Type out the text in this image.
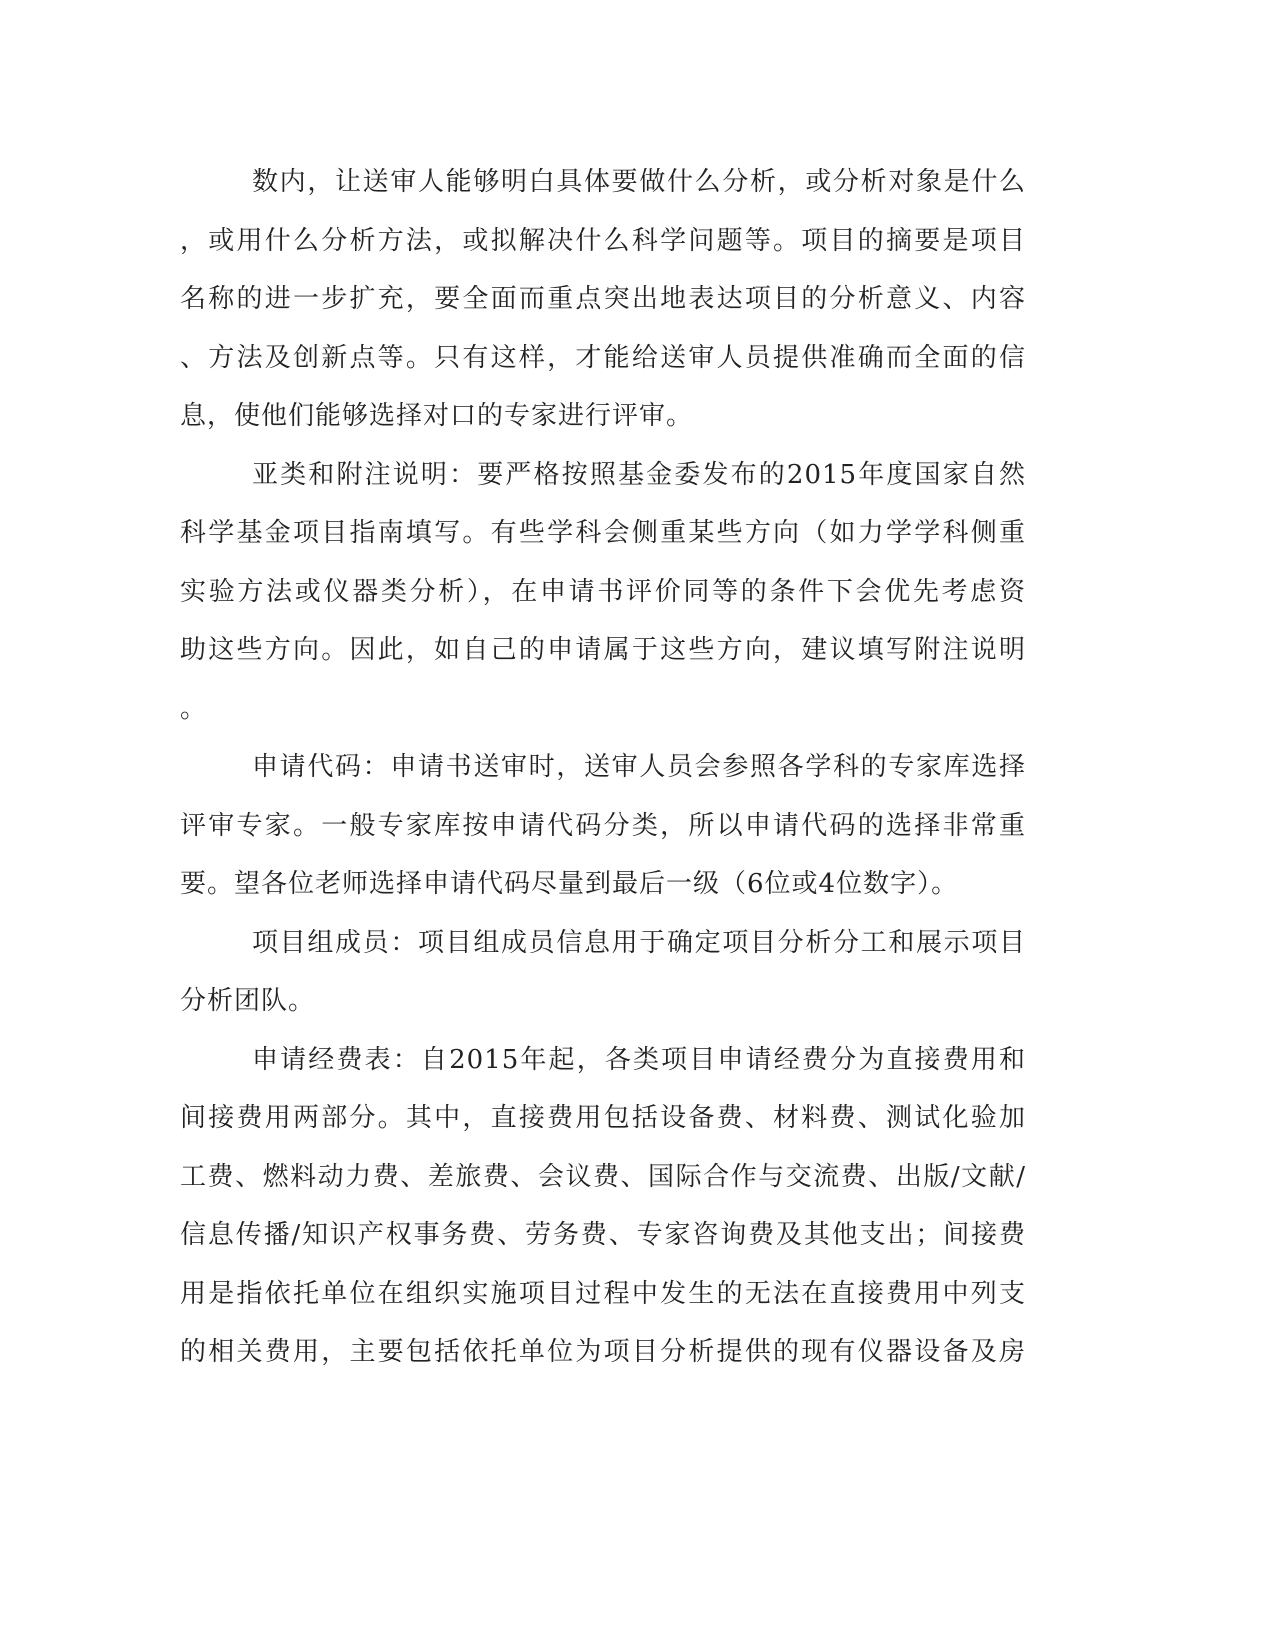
数内，让送审人能够明白具体要做什么分析，或分析对象是什么
，或用什么分析方法，或拟解决什么科学问题等。项目的摘要是项目
名称的进一步扩充，要全面而重点突出地表达项目的分析意义、内容
、方法及创新点等。只有这样，才能给送审人员提供准确而全面的信
息，使他们能够选择对口的专家进行评审。
亚类和附注说明：要严格按照基金委发布的2015年度国家自然
科学基金项目指南填写。有些学科会侧重某些方向（如力学学科侧重
实验方法或仪器类分析），在申请书评价同等的条件下会优先考虑资
助这些方向。因此，如自己的申请属于这些方向，建议填写附注说明
。
申请代码：申请书送审时，送审人员会参照各学科的专家库选择
评审专家。一般专家库按申请代码分类，所以申请代码的选择非常重
要。望各位老师选择申请代码尽量到最后一级（6位或4位数字）。
项目组成员：项目组成员信息用于确定项目分析分工和展示项目
分析团队。
申请经费表：自2015年起，各类项目申请经费分为直接费用和
间接费用两部分。其中，直接费用包括设备费、材料费、测试化验加
工费、燃料动力费、差旅费、会议费、国际合作与交流费、出版/文献/
信息传播/知识产权事务费、劳务费、专家咨询费及其他支出；间接费
用是指依托单位在组织实施项目过程中发生的无法在直接费用中列支
的相关费用，主要包括依托单位为项目分析提供的现有仪器设备及房
